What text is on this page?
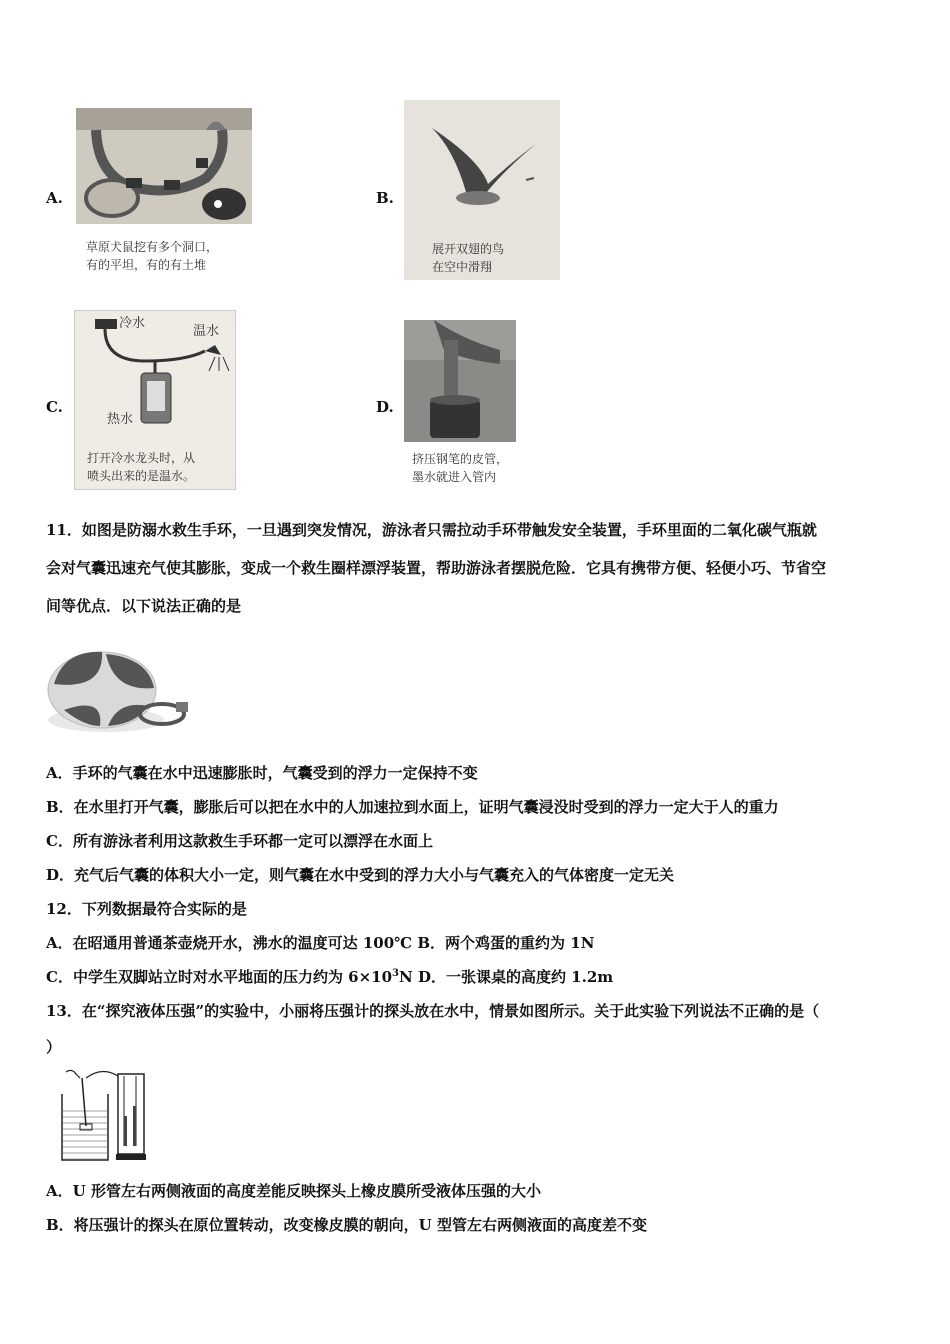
A.
草原犬鼠挖有多个洞口，
有的平坦，有的有土堆
B.
展开双翅的鸟
在空中滑翔
C.
冷水
温水
热水
打开冷水龙头时，从
喷头出来的是温水。
D.
挤压钢笔的皮管，
墨水就进入管内
11．如图是防溺水救生手环，一旦遇到突发情况，游泳者只需拉动手环带触发安全装置，手环里面的二氧化碳气瓶就
会对气囊迅速充气使其膨胀，变成一个救生圈样漂浮装置，帮助游泳者摆脱危险．它具有携带方便、轻便小巧、节省空
间等优点．以下说法正确的是
A．手环的气囊在水中迅速膨胀时，气囊受到的浮力一定保持不变
B．在水里打开气囊，膨胀后可以把在水中的人加速拉到水面上，证明气囊浸没时受到的浮力一定大于人的重力
C．所有游泳者利用这款救生手环都一定可以漂浮在水面上
D．充气后气囊的体积大小一定，则气囊在水中受到的浮力大小与气囊充入的气体密度一定无关
12．下列数据最符合实际的是
A．在昭通用普通茶壶烧开水，沸水的温度可达 100℃ B．两个鸡蛋的重约为 1N
C．中学生双脚站立时对水平地面的压力约为 $6\times 10^3N$ D．一张课桌的高度约 1.2m
13．在“探究液体压强”的实验中，小丽将压强计的探头放在水中，情景如图所示。关于此实验下列说法不正确的是（
）
A．U 形管左右两侧液面的高度差能反映探头上橡皮膜所受液体压强的大小
B．将压强计的探头在原位置转动，改变橡皮膜的朝向，U 型管左右两侧液面的高度差不变
